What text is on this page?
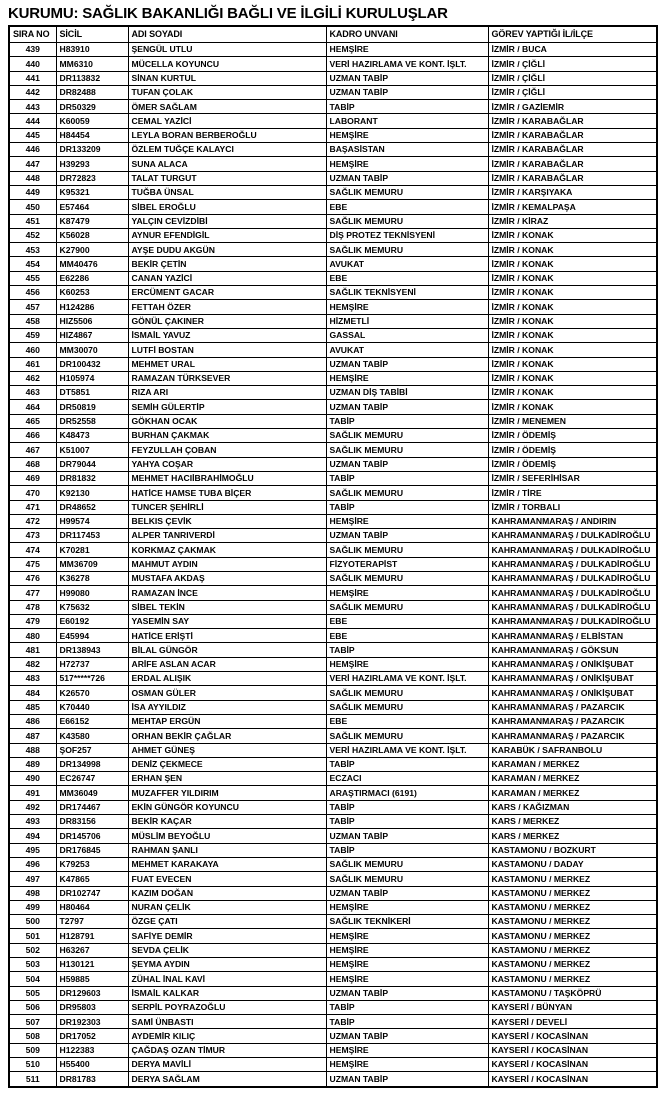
KURUMU: SAĞLIK BAKANLIĞI BAĞLI VE İLGİLİ KURULUŞLAR
SIRA NO	SİCİL	ADI SOYADI	KADRO UNVANI	GÖREV YAPTIĞI İL/İLÇE
439	H83910	ŞENGÜL UTLU	HEMŞİRE	İZMİR / BUCA
440	MM6310	MÜCELLA KOYUNCU	VERİ HAZIRLAMA VE KONT. İŞLT.	İZMİR / ÇİĞLİ
441	DR113832	SİNAN KURTUL	UZMAN TABİP	İZMİR / ÇİĞLİ
442	DR82488	TUFAN ÇOLAK	UZMAN TABİP	İZMİR / ÇİĞLİ
443	DR50329	ÖMER SAĞLAM	TABİP	İZMİR / GAZİEMİR
444	K60059	CEMAL YAZİCİ	LABORANT	İZMİR / KARABAĞLAR
445	H84454	LEYLA BORAN BERBEROĞLU	HEMŞİRE	İZMİR / KARABAĞLAR
446	DR133209	ÖZLEM TUĞÇE KALAYCI	BAŞASİSTAN	İZMİR / KARABAĞLAR
447	H39293	SUNA ALACA	HEMŞİRE	İZMİR / KARABAĞLAR
448	DR72823	TALAT TURGUT	UZMAN TABİP	İZMİR / KARABAĞLAR
449	K95321	TUĞBA ÜNSAL	SAĞLIK MEMURU	İZMİR / KARŞIYAKA
450	E57464	SİBEL EROĞLU	EBE	İZMİR / KEMALPAŞA
451	K87479	YALÇIN CEVİZDİBİ	SAĞLIK MEMURU	İZMİR / KİRAZ
452	K56028	AYNUR EFENDİGİL	DİŞ PROTEZ TEKNİSYENİ	İZMİR / KONAK
453	K27900	AYŞE DUDU AKGÜN	SAĞLIK MEMURU	İZMİR / KONAK
454	MM40476	BEKİR ÇETİN	AVUKAT	İZMİR / KONAK
455	E62286	CANAN YAZİCİ	EBE	İZMİR / KONAK
456	K60253	ERCÜMENT GACAR	SAĞLIK TEKNİSYENİ	İZMİR / KONAK
457	H124286	FETTAH ÖZER	HEMŞİRE	İZMİR / KONAK
458	HIZ5506	GÖNÜL ÇAKINER	HİZMETLİ	İZMİR / KONAK
459	HIZ4867	İSMAİL YAVUZ	GASSAL	İZMİR / KONAK
460	MM30070	LUTFİ BOSTAN	AVUKAT	İZMİR / KONAK
461	DR100432	MEHMET URAL	UZMAN TABİP	İZMİR / KONAK
462	H105974	RAMAZAN TÜRKSEVER	HEMŞİRE	İZMİR / KONAK
463	DT5851	RIZA ARI	UZMAN DİŞ TABİBİ	İZMİR / KONAK
464	DR50819	SEMİH GÜLERTİP	UZMAN TABİP	İZMİR / KONAK
465	DR52558	GÖKHAN OCAK	TABİP	İZMİR / MENEMEN
466	K48473	BURHAN ÇAKMAK	SAĞLIK MEMURU	İZMİR / ÖDEMİŞ
467	K51007	FEYZULLAH ÇOBAN	SAĞLIK MEMURU	İZMİR / ÖDEMİŞ
468	DR79044	YAHYA COŞAR	UZMAN TABİP	İZMİR / ÖDEMİŞ
469	DR81832	MEHMET HACIİBRAHİMOĞLU	TABİP	İZMİR / SEFERİHİSAR
470	K92130	HATİCE HAMSE TUBA BİÇER	SAĞLIK MEMURU	İZMİR / TİRE
471	DR48652	TUNCER ŞEHİRLİ	TABİP	İZMİR / TORBALI
472	H99574	BELKIS ÇEVİK	HEMŞİRE	KAHRAMANMARAŞ / ANDIRIN
473	DR117453	ALPER TANRIVERDİ	UZMAN TABİP	KAHRAMANMARAŞ / DULKADİROĞLU
474	K70281	KORKMAZ ÇAKMAK	SAĞLIK MEMURU	KAHRAMANMARAŞ / DULKADİROĞLU
475	MM36709	MAHMUT AYDIN	FİZYOTERAPİST	KAHRAMANMARAŞ / DULKADİROĞLU
476	K36278	MUSTAFA AKDAŞ	SAĞLIK MEMURU	KAHRAMANMARAŞ / DULKADİROĞLU
477	H99080	RAMAZAN İNCE	HEMŞİRE	KAHRAMANMARAŞ / DULKADİROĞLU
478	K75632	SİBEL TEKİN	SAĞLIK MEMURU	KAHRAMANMARAŞ / DULKADİROĞLU
479	E60192	YASEMİN SAY	EBE	KAHRAMANMARAŞ / DULKADİROĞLU
480	E45994	HATİCE ERİŞTİ	EBE	KAHRAMANMARAŞ / ELBİSTAN
481	DR138943	BİLAL GÜNGÖR	TABİP	KAHRAMANMARAŞ / GÖKSUN
482	H72737	ARİFE ASLAN ACAR	HEMŞİRE	KAHRAMANMARAŞ / ONİKİŞUBAT
483	517*****726	ERDAL ALIŞIK	VERİ HAZIRLAMA VE KONT. İŞLT.	KAHRAMANMARAŞ / ONİKİŞUBAT
484	K26570	OSMAN GÜLER	SAĞLIK MEMURU	KAHRAMANMARAŞ / ONİKİŞUBAT
485	K70440	İSA AYYILDIZ	SAĞLIK MEMURU	KAHRAMANMARAŞ / PAZARCIK
486	E66152	MEHTAP ERGÜN	EBE	KAHRAMANMARAŞ / PAZARCIK
487	K43580	ORHAN BEKİR ÇAĞLAR	SAĞLIK MEMURU	KAHRAMANMARAŞ / PAZARCIK
488	ŞOF257	AHMET GÜNEŞ	VERİ HAZIRLAMA VE KONT. İŞLT.	KARABÜK / SAFRANBOLU
489	DR134998	DENİZ ÇEKMECE	TABİP	KARAMAN / MERKEZ
490	EC26747	ERHAN ŞEN	ECZACI	KARAMAN / MERKEZ
491	MM36049	MUZAFFER YILDIRIM	ARAŞTIRMACI (6191)	KARAMAN / MERKEZ
492	DR174467	EKİN GÜNGÖR KOYUNCU	TABİP	KARS / KAĞIZMAN
493	DR83156	BEKİR KAÇAR	TABİP	KARS / MERKEZ
494	DR145706	MÜSLİM BEYOĞLU	UZMAN TABİP	KARS / MERKEZ
495	DR176845	RAHMAN ŞANLI	TABİP	KASTAMONU / BOZKURT
496	K79253	MEHMET KARAKAYA	SAĞLIK MEMURU	KASTAMONU / DADAY
497	K47865	FUAT EVECEN	SAĞLIK MEMURU	KASTAMONU / MERKEZ
498	DR102747	KAZIM DOĞAN	UZMAN TABİP	KASTAMONU / MERKEZ
499	H80464	NURAN ÇELİK	HEMŞİRE	KASTAMONU / MERKEZ
500	T2797	ÖZGE ÇATI	SAĞLIK TEKNİKERİ	KASTAMONU / MERKEZ
501	H128791	SAFİYE DEMİR	HEMŞİRE	KASTAMONU / MERKEZ
502	H63267	SEVDA ÇELİK	HEMŞİRE	KASTAMONU / MERKEZ
503	H130121	ŞEYMA AYDIN	HEMŞİRE	KASTAMONU / MERKEZ
504	H59885	ZÜHAL İNAL KAVİ	HEMŞİRE	KASTAMONU / MERKEZ
505	DR129603	İSMAİL KALKAR	UZMAN TABİP	KASTAMONU / TAŞKÖPRÜ
506	DR95803	SERPİL POYRAZOĞLU	TABİP	KAYSERİ / BÜNYAN
507	DR192303	SAMİ ÜNBASTI	TABİP	KAYSERİ / DEVELİ
508	DR17052	AYDEMİR KILIÇ	UZMAN TABİP	KAYSERİ / KOCASİNAN
509	H122383	ÇAĞDAŞ OZAN TİMUR	HEMŞİRE	KAYSERİ / KOCASİNAN
510	H55400	DERYA MAVİLİ	HEMŞİRE	KAYSERİ / KOCASİNAN
511	DR81783	DERYA SAĞLAM	UZMAN TABİP	KAYSERİ / KOCASİNAN
